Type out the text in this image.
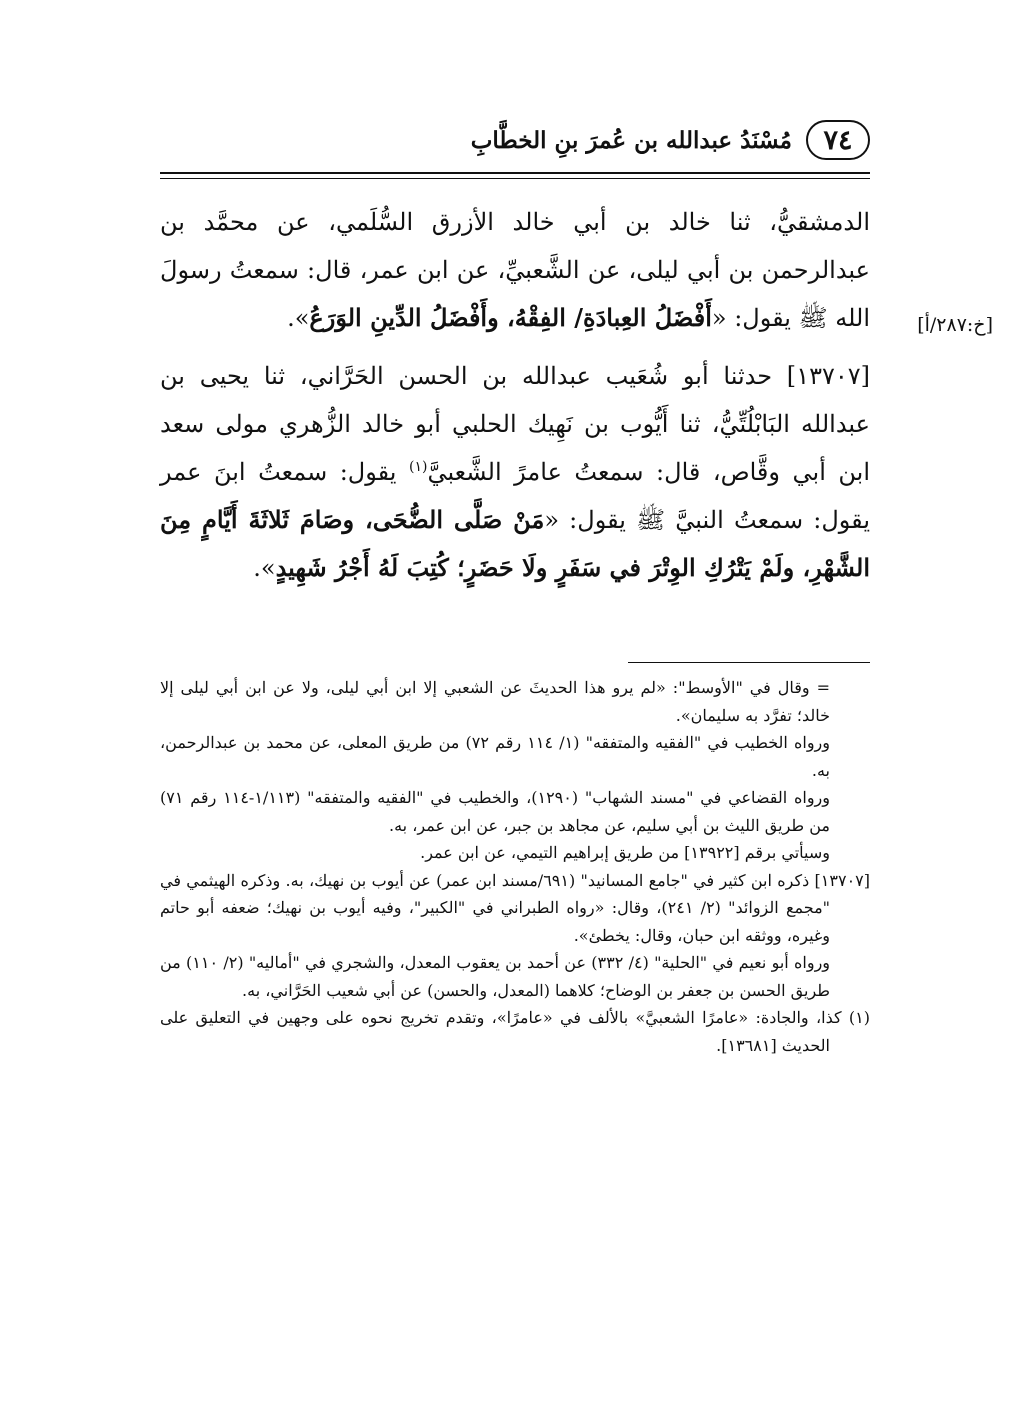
٧٤
مُسْنَدُ عبدالله بن عُمرَ بنِ الخطَّابِ
[خ:٢٨٧/أ]

الدمشقيُّ، ثنا خالد بن أبي خالد الأزرق السُّلَمي، عن محمَّد بن عبدالرحمن بن أبي ليلى، عن الشَّعبيِّ، عن ابن عمر، قال: سمعتُ رسولَ الله ﷺ يقول: «أَفْضَلُ العِبادَةِ/ الفِقْهُ، وأَفْضَلُ الدِّينِ الوَرَعُ».

[١٣٧٠٧] حدثنا أبو شُعَيب عبدالله بن الحسن الحَرَّاني، ثنا يحيى بن عبدالله البَابْلُتِّيُّ، ثنا أَيُّوب بن نَهِيك الحلبي أبو خالد الزُّهري مولى سعد ابن أبي وقَّاص، قال: سمعتُ عامرً الشَّعبيَّ$^{(١)}$ يقول: سمعتُ ابنَ عمر يقول: سمعتُ النبيَّ ﷺ يقول: «مَنْ صَلَّى الضُّحَى، وصَامَ ثَلاثَةَ أَيَّامٍ مِنَ الشَّهْرِ، ولَمْ يَتْرُكِ الوِتْرَ في سَفَرٍ ولَا حَضَرٍ؛ كُتِبَ لَهُ أَجْرُ شَهِيدٍ».

= وقال في "الأوسط": «لم يرو هذا الحديثَ عن الشعبي إلا ابن أبي ليلى، ولا عن ابن أبي ليلى إلا خالد؛ تفرَّد به سليمان».

ورواه الخطيب في "الفقيه والمتفقه" (١/ ١١٤ رقم ٧٢) من طريق المعلى، عن محمد بن عبدالرحمن، به.

ورواه القضاعي في "مسند الشهاب" (١٢٩٠)، والخطيب في "الفقيه والمتفقه" (١/١١٣-١١٤ رقم ٧١) من طريق الليث بن أبي سليم، عن مجاهد بن جبر، عن ابن عمر، به.

وسيأتي برقم [١٣٩٢٢] من طريق إبراهيم التيمي، عن ابن عمر.

[١٣٧٠٧] ذكره ابن كثير في "جامع المسانيد" (٦٩١/مسند ابن عمر) عن أيوب بن نهيك، به. وذكره الهيثمي في "مجمع الزوائد" (٢/ ٢٤١)، وقال: «رواه الطبراني في "الكبير"، وفيه أيوب بن نهيك؛ ضعفه أبو حاتم وغيره، ووثقه ابن حبان، وقال: يخطئ».

ورواه أبو نعيم في "الحلية" (٤/ ٣٣٢) عن أحمد بن يعقوب المعدل، والشجري في "أماليه" (٢/ ١١٠) من طريق الحسن بن جعفر بن الوضاح؛ كلاهما (المعدل، والحسن) عن أبي شعيب الحَرَّاني، به.

(١) كذا، والجادة: «عامرًا الشعبيَّ» بالألف في «عامرًا»، وتقدم تخريج نحوه على وجهين في التعليق على الحديث [١٣٦٨١].
